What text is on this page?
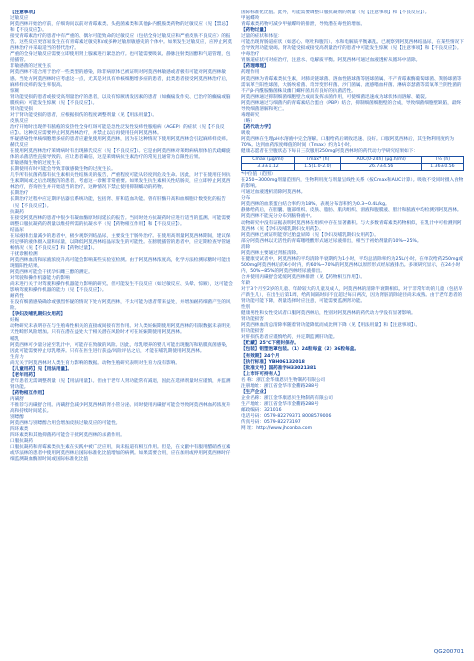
【注意事项】

过敏反应

阿莫西林开始治疗前，仔细询问以前对青霉素类、头孢菌素类和其他β-内酰胺类药物的过敏反应（见【禁忌】和【不良反应】）。

接受青霉素治疗的患者中有严重的、偶尔可能致命的过敏反应（包括全身过敏反应和严重皮肤不良反应）的报告。这些反应更容易发生在有青霉素过敏史和/或多种过敏原敏感史的个体中。如果发生过敏反应，应停止阿莫西林治疗并采取适当的替代治疗。

严重的全身过敏反应需要立即使用肾上腺素进行紧急治疗。也可能需要吸氧、静脉注射类固醇和气道管理，包括插管。

非敏感菌的过度生长

阿莫西林不适合用于治疗一些类型的感染，除非病原体已被证明对阿莫西林敏感或者极有可能对阿莫西林敏感。当处方阿莫西林时应考虑这一点，尤其是对具有单核细胞增多症的患者，此类患者接受阿莫西林治疗后，麻疹样皮疹的发生率很高。

惊厥

肾功能受损的患者或接受高剂量治疗的患者，以及有惊厥诱发因素的患者（如癫痫发作史、已治疗的癫痫或脑膜疾病）可能发生惊厥（见【不良反应】）。

肾功能受损

对于肾功能受损的患者，应根据损伤的程度调整剂量（见【用法用量】）。

皮肤反应

治疗开始时出现伴有脓疱的发热性全身红斑可能是急性泛发性发疹性脓疱病（AGEP）的症状（见【不良反应】）。这种反应需要停止阿莫西林治疗，并禁止以后再使用任何阿莫西林。

怀疑感染性单核细胞增多症的患者应避免使用阿莫西林，因为在这种情况下使用阿莫西林会引起麻疹样皮疹。

赫氏反应

在使用阿莫西林治疗莱姆病时有出现赫氏反应（见【不良反应】）。它是由阿莫西林对莱姆病病原体伯氏疏螺旋体的杀菌活性直接导致的。应让患者确信，这是莱姆病抗生素治疗的常见且通常为自限性后果。

非敏感微生物的过度生长

长期使用有时可能会导致非敏感微生物的过度生长。

几乎所有抗菌药都有抗生素相关性结肠炎的报告，严重程度可能从轻度到危及生命。因此，对于在使用任何抗生素期间或之后出现腹泻的患者，考虑这一诊断非常重要。如果发生抗生素相关性结肠炎，应立即停止阿莫西林治疗，咨询医生并开始适当的治疗。这种情况下禁止使用抑制蠕动的药物。

长期治疗

长期治疗过程中应定期评估器官系统功能，包括肾、肝和造血功能。曾有肝酶升高和血细胞计数变化的报告（见【不良反应】）。

抗凝药

在接受阿莫西林的患者中很少有凝血酶原时间延长的报告。当同时处方抗凝药时应进行适当的监测。可能需要调整口服抗凝药的剂量以维持所需的抗凝水平（见【药物相互作用】和【不良反应】）。

结晶尿

在尿液排出量减少的患者中，极少观察到结晶尿，主要发生于肠外治疗。在使用高剂量阿莫西林期间，建议保持足够的液体摄入量和尿量，以降低阿莫西林结晶尿发生的可能性。在膀胱插管的患者中，应定期检查导管通畅情况（见【不良反应】和【药物过量】）。

干扰诊断检测

阿莫西林血清和尿液浓度升高可能会影响某些实验室检测。由于阿莫西林浓度高，化学方法检测尿糖时可能出现假阳性结果。

阿莫西林可能会干扰孕妇雌三醇的测定。

对驾驶和操作机器能力的影响

尚未进行关于对驾驶和操作机器能力影响的研究。但可能发生不良反应（如过敏反应、头晕、惊厥），这可能会影响驾驶和操作机器的能力（见【不良反应】）。

耐药性

在没有细菌感染确诊或强烈怀疑的情况下处方阿莫西林，不太可能为患者带来益处，并增加耐药细菌产生的风险。

【孕妇及哺乳期妇女用药】

妊娠

动物研究未表明存在与生殖毒性相关的直接或间接有害作用。对人类妊娠期使用阿莫西林的有限数据未表明先天性畸形风险增加。只有在潜在益处大于相关潜在风险时才可在妊娠期使用阿莫西林。

哺乳

阿莫西林可少量分泌至乳汁中，可能存在致敏的风险。因此，母乳喂养的婴儿可能出现腹泻和粘膜真菌感染，因此可能需要停止母乳喂养。只有在医生进行获益/风险评估之后，才能在哺乳期使用阿莫西林。

生育力

尚无关于阿莫西林对人类生育力影响的数据。动物生殖研究表明对生育力没有影响。

【儿童用药】见【用法用量】。

【老年用药】

老年患者无需调整剂量（见【用法用量】）。但由于老年人肾功能常有减退，因此在选择剂量时应谨慎，并监测肾功能。

【药物相互作用】

丙磺舒

不推荐与丙磺舒合用。丙磺舒会减少阿莫西林的肾小管分泌。同时使用丙磺舒可能会导致阿莫西林血药浓度升高和持续时间延长。

别嘌醇

阿莫西林与别嘌醇合用会增加皮肤过敏反应的可能性。

四环素类

四环素类和其他抑菌药可能会干扰阿莫西林的杀菌作用。

口服抗凝药

口服抗凝药和青霉素类抗生素在实践中被广泛应用，尚未报道有相互作用。但是，在文献中有服用醋硝香豆素或华法林的患者中使用阿莫西林后国际标准化比值增加的病例。如果需要合用，应在加用或停用阿莫西林时仔细监测凝血酶原时间或国际标准化比值

国际标准化比值。此外，可能需要调整口服抗凝剂的剂量（见【注意事项】和【不良反应】）。

甲氨蝶呤

青霉素类药物可减少甲氨蝶呤的排泄，导致潜在毒性的增加。

【药物过量】

过量的症状和体征：

可能出现胃肠道症状（如恶心、呕吐和腹泻）、水和电解质平衡紊乱。已观察到阿莫西林结晶尿，在某些情况下会导致肾功能衰竭。肾功能受损或接受高剂量治疗的患者中可能发生惊厥（见【注意事项】和【不良反应】）。

中毒治疗

胃肠道症状可对症治疗，注意水、电解质平衡。阿莫西林可通过血液透析从循环中清除。

【药理毒理】

药理作用

阿莫西林为青霉素类抗生素，对肺炎链球菌、溶血性链球菌等链球菌属、不产青霉素酶葡萄球菌、粪肠球菌等需氧革兰阳性球菌，大肠埃希菌、奇异变形杆菌、沙门菌属、流感嗜血杆菌、淋病奈瑟菌等需氧革兰阴性菌的不产β-内酰胺酶菌株及幽门螺杆菌具有良好的抗菌活性。

阿莫西林通过抑制细菌细胞壁合成而发挥杀菌作用，可使细菌迅速成为球状体而溶解、破裂。

阿莫西林通过与细菌内的青霉素结合蛋白（PBP）结合，抑制细菌细胞壁的合成，导致细菌细胞壁缺陷，最终导致细菌溶解和死亡。

毒理研究

（略）

【药代动力学】

吸收

阿莫西林在生理pH水溶液中完全溶解。口服给药后吸收迅速、良好。口服阿莫西林后，其生物利用度约为70%。达到血药浓度峰值的时间（Tmax）约为1小时。

健康志愿者在空腹状态下每日三次服用250mg阿莫西林时的药代动力学研究结果如下：

Cmax (μg/ml)	Tmax* (h)	AUC(0-24h) (μg.h/ml)	T½ (h)
3.3±1.12	1.5(1.0-2.0)	26.7±4.56	1.36±0.56

*中位值（范围）

在250~3000mg剂量范围内，生物利用度与剂量呈线性关系（按Cmax和AUC计算）。吸收不受同时摄入食物的影响。

可通过血液透析消除阿莫西林。

分布

阿莫西林的血浆蛋白结合率约为18%，表观分布容积约为0.3~0.4L/kg。

静脉给药后，在胆囊、腹部组织、皮肤、脂肪、肌肉组织、滑液和腹膜液、胆汁和脓液中均检测到阿莫西林。阿莫西林不能充分分布到脑脊液中。

动物研究中没有证据表明阿莫西林在组织中存在显著蓄积。与大多数青霉素类药物相似，在乳汁中可检测到阿莫西林（见【孕妇及哺乳期妇女用药】）。

阿莫西林已被证明能穿过胎盘屏障（见【孕妇及哺乳期妇女用药】）。

部分阿莫西林以无活性的青霉噻唑酸形式通过尿液排出，相当于初始剂量的10%~25%。

消除

阿莫西林主要通过肾脏清除。

在健康受试者中，阿莫西林的平均清除半衰期约为1小时，平均总清除率约为25L/小时。在单次给药250mg或500mg阿莫西林后的6小时内，约60%~70%的阿莫西林以原形形式经尿液排出。多项研究显示，在24小时内，50%~85%的阿莫西林经尿液排出。

合并使用丙磺舒会延缓阿莫西林排泄（见【药物相互作用】）。

年龄

对于3个月至2岁的儿童、年龄较大的儿童及成人，阿莫西林的清除半衰期相似。对于非常年幼的儿童（包括早产新生儿），在出生后第1周，给药间隔时间不宜超过每日两次，因为肾脏消除途径尚未成熟。由于老年患者的肾功能可能下降，剂量选择时应注意，可能需要监测肾功能。

性别

健康男性和女性受试者口服阿莫西林后，性别对阿莫西林的药代动力学没有显著影响。

肾功能损害

阿莫西林血清总清除率随着肾功能降低而成比例下降（见【用法用量】和【注意事项】）。

肝功能损害

对肝损伤患者应谨慎给药，并定期监测肝功能。

【贮藏】25℃下密封保存。

【包装】铝塑泡罩包装。（1）24粒每盒（2）36粒每盒。

【有效期】24个月

【执行标准】YBH06132018

【批准文号】国药准字H33021381

【上市许可持有人】

名 称：浙江金华康恩贝生物制药有限公司

注册地址：浙江省金华市金衢路288号

【生产企业】

企业名称：浙江金华康恩贝生物制药有限公司

生产地址：浙江省金华市金衢路288号

邮政编码：321016

电话号码：0579-82279371 8008579006

传真号码：0579-82273197

网 址：http://www.jhconba.com

QG200701
